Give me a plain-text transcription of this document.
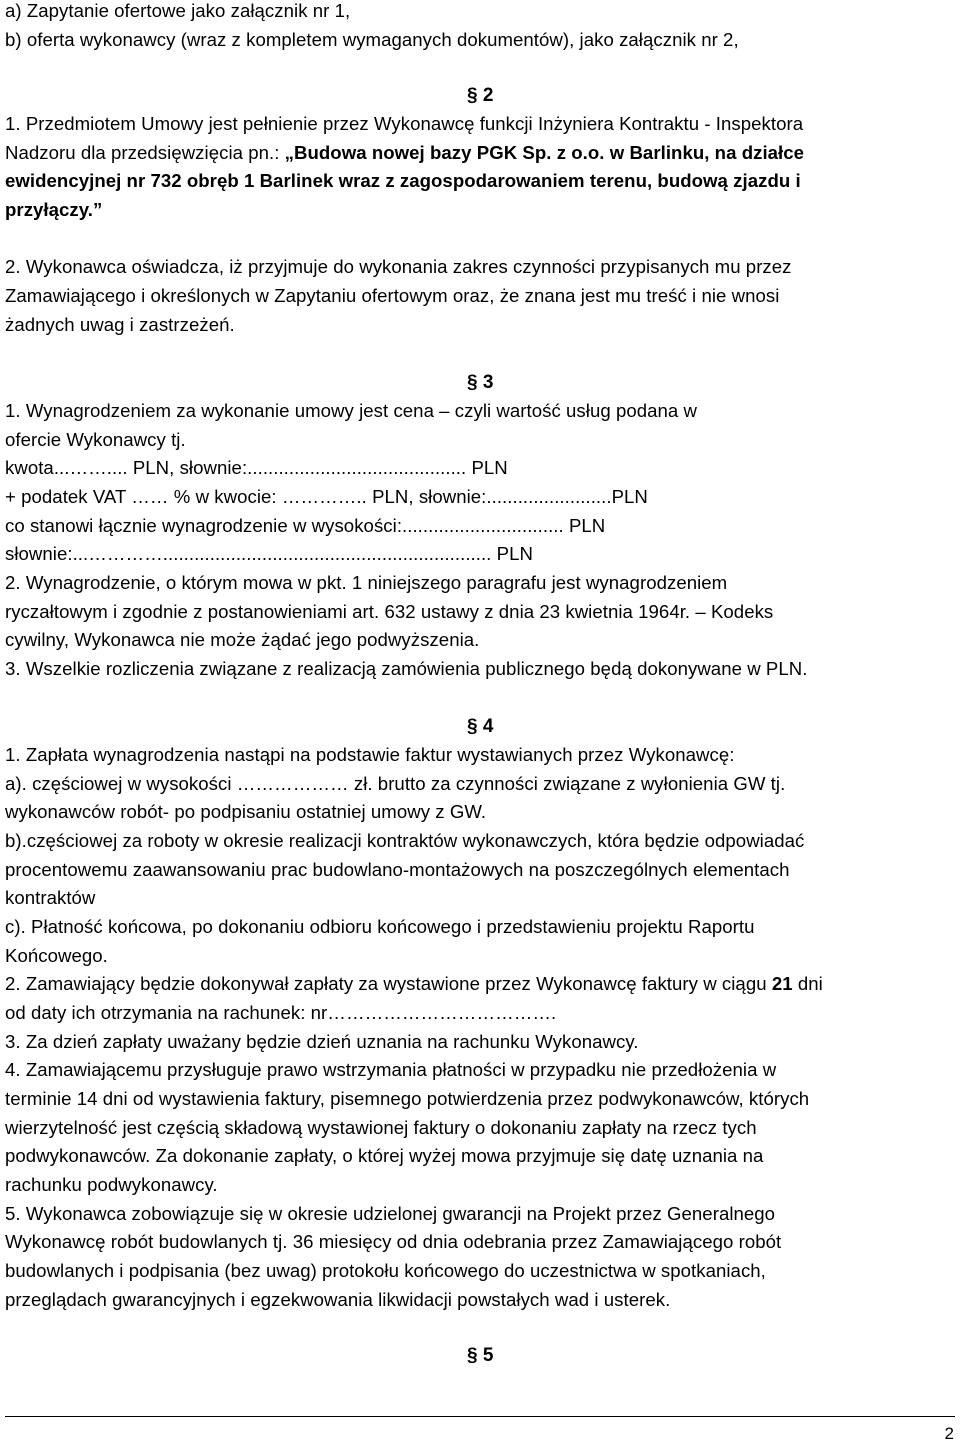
a) Zapytanie ofertowe jako załącznik nr 1,
b) oferta wykonawcy (wraz z kompletem wymaganych dokumentów), jako załącznik nr 2,
§ 2
1. Przedmiotem Umowy jest pełnienie przez Wykonawcę funkcji Inżyniera Kontraktu - Inspektora
Nadzoru dla przedsięwzięcia pn.: „Budowa nowej bazy PGK Sp. z o.o. w Barlinku, na działce
ewidencyjnej nr 732 obręb 1 Barlinek wraz z zagospodarowaniem terenu, budową zjazdu i
przyłączy.”
2. Wykonawca oświadcza, iż przyjmuje do wykonania zakres czynności przypisanych mu przez
Zamawiającego i określonych w Zapytaniu ofertowym oraz, że znana jest mu treść i nie wnosi
żadnych uwag i zastrzeżeń.
§ 3
1. Wynagrodzeniem za wykonanie umowy jest cena – czyli wartość usług podana w
ofercie Wykonawcy tj.
kwota...…….... PLN, słownie:.......................................... PLN
+ podatek VAT …… % w kwocie: ………….. PLN, słownie:........................PLN
co stanowi łącznie wynagrodzenie w wysokości:............................... PLN
słownie:...…………............................................................... PLN
2. Wynagrodzenie, o którym mowa w pkt. 1 niniejszego paragrafu jest wynagrodzeniem
ryczałtowym i zgodnie z postanowieniami art. 632 ustawy z dnia 23 kwietnia 1964r. – Kodeks
cywilny, Wykonawca nie może żądać jego podwyższenia.
3. Wszelkie rozliczenia związane z realizacją zamówienia publicznego będą dokonywane w PLN.
§ 4
1. Zapłata wynagrodzenia nastąpi na podstawie faktur wystawianych przez Wykonawcę:
a). częściowej w wysokości ……………… zł. brutto za czynności związane z wyłonienia GW tj.
wykonawców robót- po podpisaniu ostatniej umowy z GW.
b).częściowej za roboty w okresie realizacji kontraktów wykonawczych, która będzie odpowiadać
procentowemu zaawansowaniu prac budowlano-montażowych na poszczególnych elementach
kontraktów
c). Płatność końcowa, po dokonaniu odbioru końcowego i przedstawieniu projektu Raportu
Końcowego.
2. Zamawiający będzie dokonywał zapłaty za wystawione przez Wykonawcę faktury w ciągu 21 dni
od daty ich otrzymania na rachunek: nr……………………………….
3. Za dzień zapłaty uważany będzie dzień uznania na rachunku Wykonawcy.
4. Zamawiającemu przysługuje prawo wstrzymania płatności w przypadku nie przedłożenia w
terminie 14 dni od wystawienia faktury, pisemnego potwierdzenia przez podwykonawców, których
wierzytelność jest częścią składową wystawionej faktury o dokonaniu zapłaty na rzecz tych
podwykonawców. Za dokonanie zapłaty, o której wyżej mowa przyjmuje się datę uznania na
rachunku podwykonawcy.
5. Wykonawca zobowiązuje się w okresie udzielonej gwarancji na Projekt przez Generalnego
Wykonawcę robót budowlanych tj. 36 miesięcy od dnia odebrania przez Zamawiającego robót
budowlanych i podpisania (bez uwag) protokołu końcowego do uczestnictwa w spotkaniach,
przeglądach gwarancyjnych i egzekwowania likwidacji powstałych wad i usterek.
§ 5
2
